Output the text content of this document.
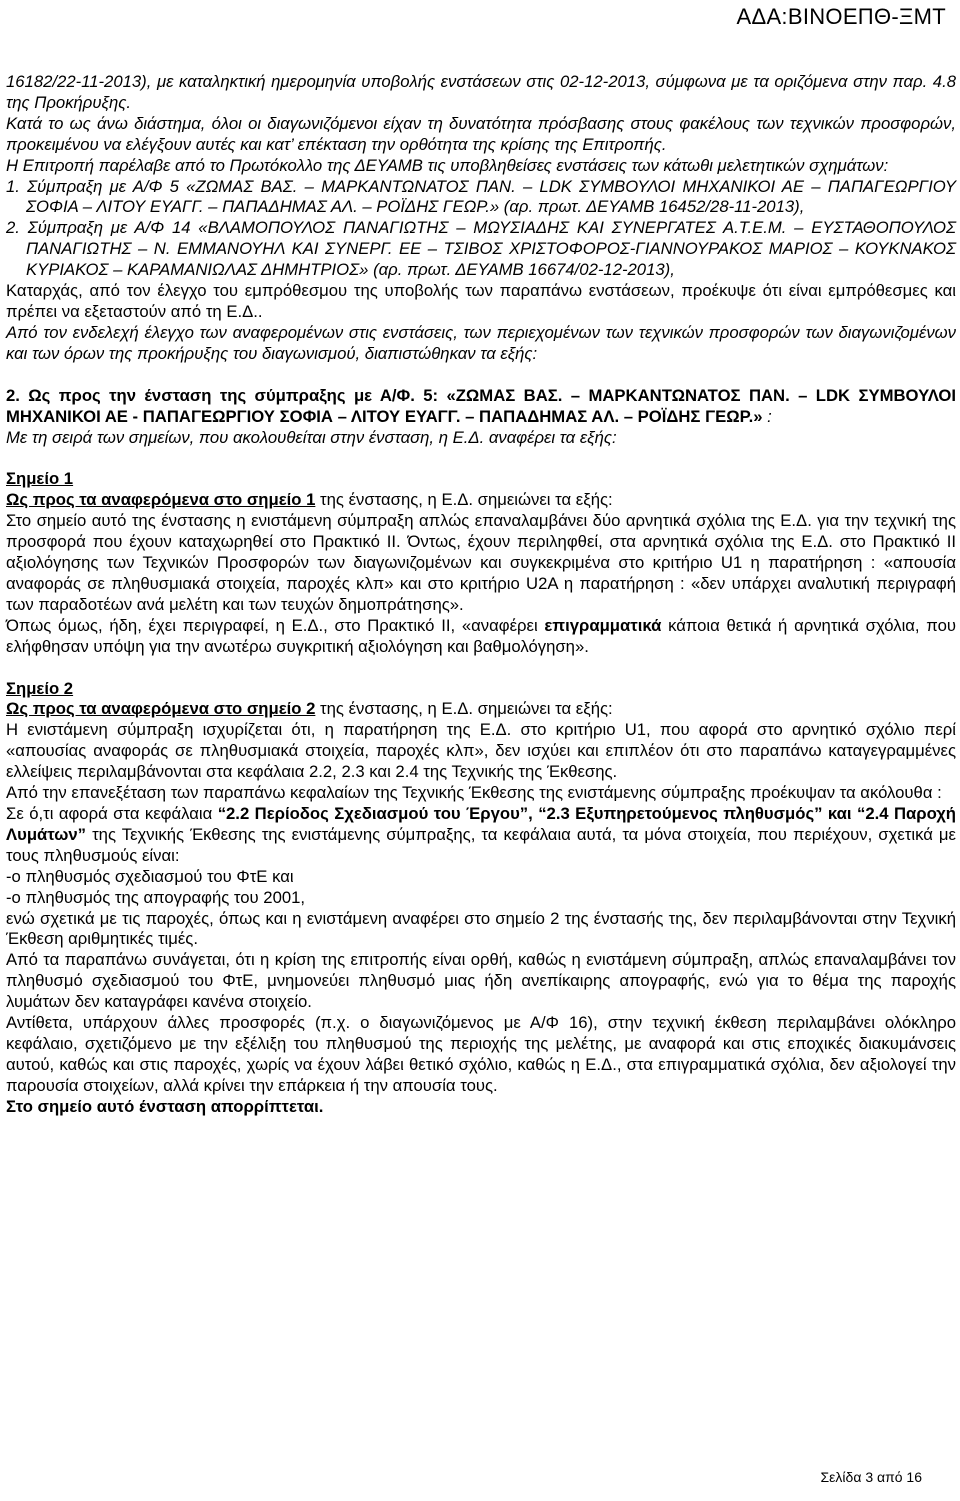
ΑΔΑ:ΒΙΝΟΕΠΘ-ΞΜΤ

16182/22-11-2013), με καταληκτική ημερομηνία υποβολής ενστάσεων στις 02-12-2013, σύμφωνα με τα οριζόμενα στην παρ. 4.8 της Προκήρυξης.

Κατά το ως άνω διάστημα, όλοι οι διαγωνιζόμενοι είχαν τη δυνατότητα πρόσβασης στους φακέλους των τεχνικών προσφορών, προκειμένου να ελέγξουν αυτές και κατ’ επέκταση την ορθότητα της κρίσης της Επιτροπής.

Η Επιτροπή παρέλαβε από το Πρωτόκολλο της ΔΕΥΑΜΒ τις υποβληθείσες ενστάσεις των κάτωθι μελετητικών σχημάτων:

1. Σύμπραξη με Α/Φ 5 «ΖΩΜΑΣ ΒΑΣ. – ΜΑΡΚΑΝΤΩΝΑΤΟΣ ΠΑΝ. – LDK ΣΥΜΒΟΥΛΟΙ ΜΗΧΑΝΙΚΟΙ ΑΕ – ΠΑΠΑΓΕΩΡΓΙΟΥ ΣΟΦΙΑ – ΛΙΤΟΥ ΕΥΑΓΓ. – ΠΑΠΑΔΗΜΑΣ ΑΛ. – ΡΟΪΔΗΣ ΓΕΩΡ.» (αρ. πρωτ. ΔΕΥΑΜΒ 16452/28-11-2013),

2. Σύμπραξη με Α/Φ 14 «ΒΛΑΜΟΠΟΥΛΟΣ ΠΑΝΑΓΙΩΤΗΣ – ΜΩΥΣΙΑΔΗΣ ΚΑΙ ΣΥΝΕΡΓΑΤΕΣ Α.Τ.Ε.Μ. – ΕΥΣΤΑΘΟΠΟΥΛΟΣ ΠΑΝΑΓΙΩΤΗΣ – Ν. ΕΜΜΑΝΟΥΗΛ ΚΑΙ ΣΥΝΕΡΓ. ΕΕ – ΤΣΙΒΟΣ ΧΡΙΣΤΟΦΟΡΟΣ-ΓΙΑΝΝΟΥΡΑΚΟΣ ΜΑΡΙΟΣ – ΚΟΥΚΝΑΚΟΣ ΚΥΡΙΑΚΟΣ – ΚΑΡΑΜΑΝΙΩΛΑΣ ΔΗΜΗΤΡΙΟΣ» (αρ. πρωτ. ΔΕΥΑΜΒ 16674/02-12-2013),

Καταρχάς, από τον έλεγχο του εμπρόθεσμου της υποβολής των παραπάνω ενστάσεων, προέκυψε ότι είναι εμπρόθεσμες και πρέπει να εξεταστούν από τη Ε.Δ..

Από τον ενδελεχή έλεγχο των αναφερομένων στις ενστάσεις, των περιεχομένων των τεχνικών προσφορών των διαγωνιζομένων και των όρων της προκήρυξης του διαγωνισμού, διαπιστώθηκαν τα εξής:

2. Ως προς την ένσταση της σύμπραξης με Α/Φ. 5: «ΖΩΜΑΣ ΒΑΣ. – ΜΑΡΚΑΝΤΩΝΑΤΟΣ ΠΑΝ. – LDK ΣΥΜΒΟΥΛΟΙ ΜΗΧΑΝΙΚΟΙ ΑΕ - ΠΑΠΑΓΕΩΡΓΙΟΥ ΣΟΦΙΑ – ΛΙΤΟΥ ΕΥΑΓΓ. – ΠΑΠΑΔΗΜΑΣ ΑΛ. – ΡΟΪΔΗΣ ΓΕΩΡ.» :

Με τη σειρά των σημείων, που ακολουθείται στην ένσταση, η Ε.Δ. αναφέρει τα εξής:

Σημείο 1

Ως προς τα αναφερόμενα στο σημείο 1 της ένστασης, η Ε.Δ. σημειώνει τα εξής:

Στο σημείο αυτό της ένστασης η ενιστάμενη σύμπραξη απλώς επαναλαμβάνει δύο αρνητικά σχόλια της Ε.Δ. για την τεχνική της προσφορά που έχουν καταχωρηθεί στο Πρακτικό ΙΙ. Όντως, έχουν περιληφθεί, στα αρνητικά σχόλια της Ε.Δ. στο Πρακτικό ΙΙ αξιολόγησης των Τεχνικών Προσφορών των διαγωνιζομένων και συγκεκριμένα στο κριτήριο U1 η παρατήρηση : «απουσία αναφοράς σε πληθυσμιακά στοιχεία, παροχές κλπ» και στο κριτήριο U2A η παρατήρηση : «δεν υπάρχει αναλυτική περιγραφή των παραδοτέων ανά μελέτη και των τευχών δημοπράτησης».

Όπως όμως, ήδη, έχει περιγραφεί, η Ε.Δ., στο Πρακτικό ΙΙ, «αναφέρει επιγραμματικά κάποια θετικά ή αρνητικά σχόλια, που ελήφθησαν υπόψη για την ανωτέρω συγκριτική αξιολόγηση και βαθμολόγηση».

Σημείο 2

Ως προς τα αναφερόμενα στο σημείο 2 της ένστασης, η Ε.Δ. σημειώνει τα εξής:

Η ενιστάμενη σύμπραξη ισχυρίζεται ότι, η παρατήρηση της Ε.Δ. στο κριτήριο U1, που αφορά στο αρνητικό σχόλιο περί «απουσίας αναφοράς σε πληθυσμιακά στοιχεία, παροχές κλπ», δεν ισχύει και επιπλέον ότι στο παραπάνω καταγεγραμμένες ελλείψεις περιλαμβάνονται στα κεφάλαια 2.2, 2.3 και 2.4 της Τεχνικής της Έκθεσης.

Από την επανεξέταση των παραπάνω κεφαλαίων της Τεχνικής Έκθεσης της ενιστάμενης σύμπραξης προέκυψαν τα ακόλουθα :

Σε ό,τι αφορά στα κεφάλαια “2.2 Περίοδος Σχεδιασμού του Έργου”, “2.3 Εξυπηρετούμενος πληθυσμός” και “2.4 Παροχή Λυμάτων” της Τεχνικής Έκθεσης της ενιστάμενης σύμπραξης, τα κεφάλαια αυτά, τα μόνα στοιχεία, που περιέχουν, σχετικά με τους πληθυσμούς είναι:

-ο πληθυσμός σχεδιασμού του ΦτΕ και

-ο πληθυσμός της απογραφής του 2001,

ενώ σχετικά με τις παροχές, όπως και η ενιστάμενη αναφέρει στο σημείο 2 της ένστασής της, δεν περιλαμβάνονται στην Τεχνική Έκθεση αριθμητικές τιμές.

Από τα παραπάνω συνάγεται, ότι η κρίση της επιτροπής είναι ορθή, καθώς η ενιστάμενη σύμπραξη, απλώς επαναλαμβάνει τον πληθυσμό σχεδιασμού του ΦτΕ, μνημονεύει πληθυσμό μιας ήδη ανεπίκαιρης απογραφής, ενώ για το θέμα της παροχής λυμάτων δεν καταγράφει κανένα στοιχείο.

Αντίθετα, υπάρχουν άλλες προσφορές (π.χ. ο διαγωνιζόμενος με Α/Φ 16), στην τεχνική έκθεση περιλαμβάνει ολόκληρο κεφάλαιο, σχετιζόμενο με την εξέλιξη του πληθυσμού της περιοχής της μελέτης, με αναφορά και στις εποχικές διακυμάνσεις αυτού, καθώς και στις παροχές, χωρίς να έχουν λάβει θετικό σχόλιο, καθώς η Ε.Δ., στα επιγραμματικά σχόλια, δεν αξιολογεί την παρουσία στοιχείων, αλλά κρίνει την επάρκεια ή την απουσία τους.

Στο σημείο αυτό ένσταση απορρίπτεται.

Σελίδα 3 από 16
